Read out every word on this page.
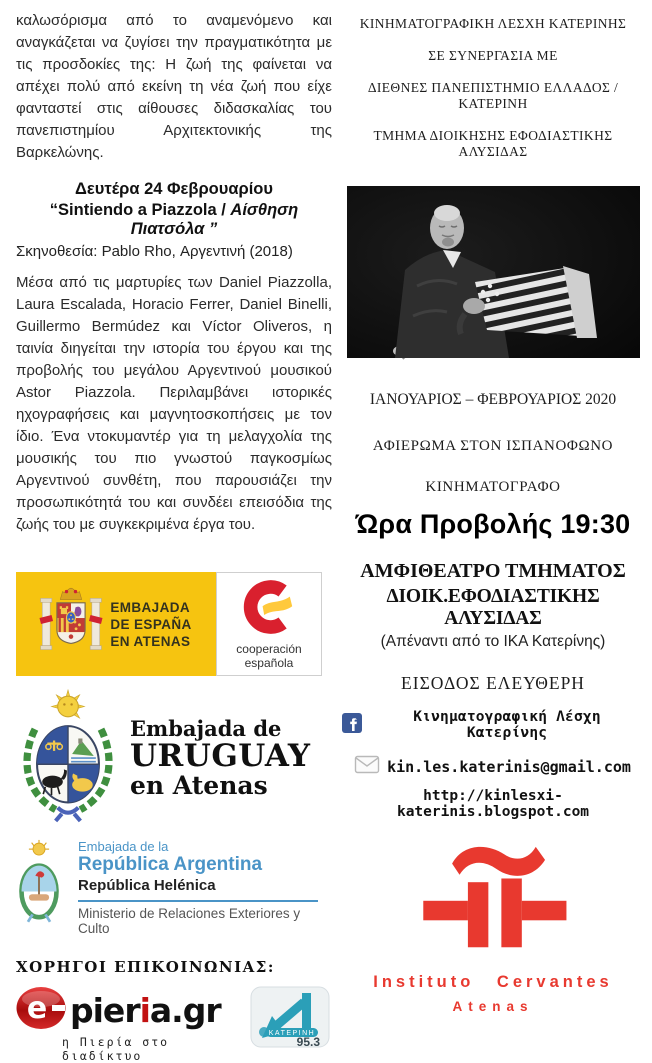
καλωσόρισμα από το αναμενόμενο και αναγκάζεται να ζυγίσει την πραγματικότητα με τις προσδοκίες της: Η ζωή της φαίνεται να απέχει πολύ από εκείνη τη νέα ζωή που είχε φανταστεί στις αίθουσες διδασκαλίας του πανεπιστημίου Αρχιτεκτονικής της Βαρκελώνης.

Δευτέρα 24 Φεβρουαρίου
“Sintiendo a Piazzola / Αίσθηση Πιατσόλα ”
Σκηνοθεσία: Pablo Rho, Αργεντινή (2018)

Μέσα από τις μαρτυρίες των Daniel Piazzolla, Laura Escalada, Horacio Ferrer, Daniel Binelli, Guillermo Bermúdez και Víctor Oliveros, η ταινία διηγείται την ιστορία του έργου και της προβολής του μεγάλου Αργεντινού μουσικού Astor Piazzola. Περιλαμβάνει ιστορικές ηχογραφήσεις και μαγνητοσκοπήσεις με τον ίδιο. Ένα ντοκυμαντέρ για τη μελαγχολία της μουσικής του πιο γνωστού παγκοσμίως Αργεντινού συνθέτη, που παρουσιάζει την προσωπικότητά του και συνδέει επεισόδια της ζωής του με συγκεκριμένα έργα του.

EMBAJADA
DE ESPAÑA
EN ATENAS	cooperación
española
Embajada de
URUGUAY
en Atenas
Embajada de la
República Argentina
República Helénica
Ministerio de Relaciones Exteriores y Culto
ΧΟΡΗΓΟΙ ΕΠΙΚΟΙΝΩΝΙΑΣ:
e pieria.gr
η Πιερία στο διαδίκτυο
ΚΑΤΕΡΙΝΗ
95.3
ΚΙΝΗΜΑΤΟΓΡΑΦΙΚΗ ΛΕΣΧΗ ΚΑΤΕΡΙΝΗΣ
ΣΕ ΣΥΝΕΡΓΑΣΙΑ ΜΕ
ΔΙΕΘΝΕΣ ΠΑΝΕΠΙΣΤΗΜΙΟ ΕΛΛΑΔΟΣ / ΚΑΤΕΡΙΝΗ
ΤΜΗΜΑ ΔΙΟΙΚΗΣΗΣ ΕΦΟΔΙΑΣΤΙΚΗΣ ΑΛΥΣΙΔΑΣ
ΙΑΝΟΥΑΡΙΟΣ – ΦΕΒΡΟΥΑΡΙΟΣ 2020
ΑΦΙΕΡΩΜΑ ΣΤΟΝ ΙΣΠΑΝΟΦΩΝΟ
ΚΙΝΗΜΑΤΟΓΡΑΦΟ
Ώρα Προβολής 19:30
ΑΜΦΙΘΕΑΤΡΟ ΤΜΗΜΑΤΟΣ
ΔΙΟΙΚ.ΕΦΟΔΙΑΣΤΙΚΗΣ ΑΛΥΣΙΔΑΣ
(Απέναντι από το ΙΚΑ Κατερίνης)
ΕΙΣΟΔΟΣ ΕΛΕΥΘΕΡΗ
Κινηματογραφική Λέσχη Κατερίνης
kin.les.katerinis@gmail.com
http://kinlesxi-katerinis.blogspot.com
Instituto Cervantes
Atenas
